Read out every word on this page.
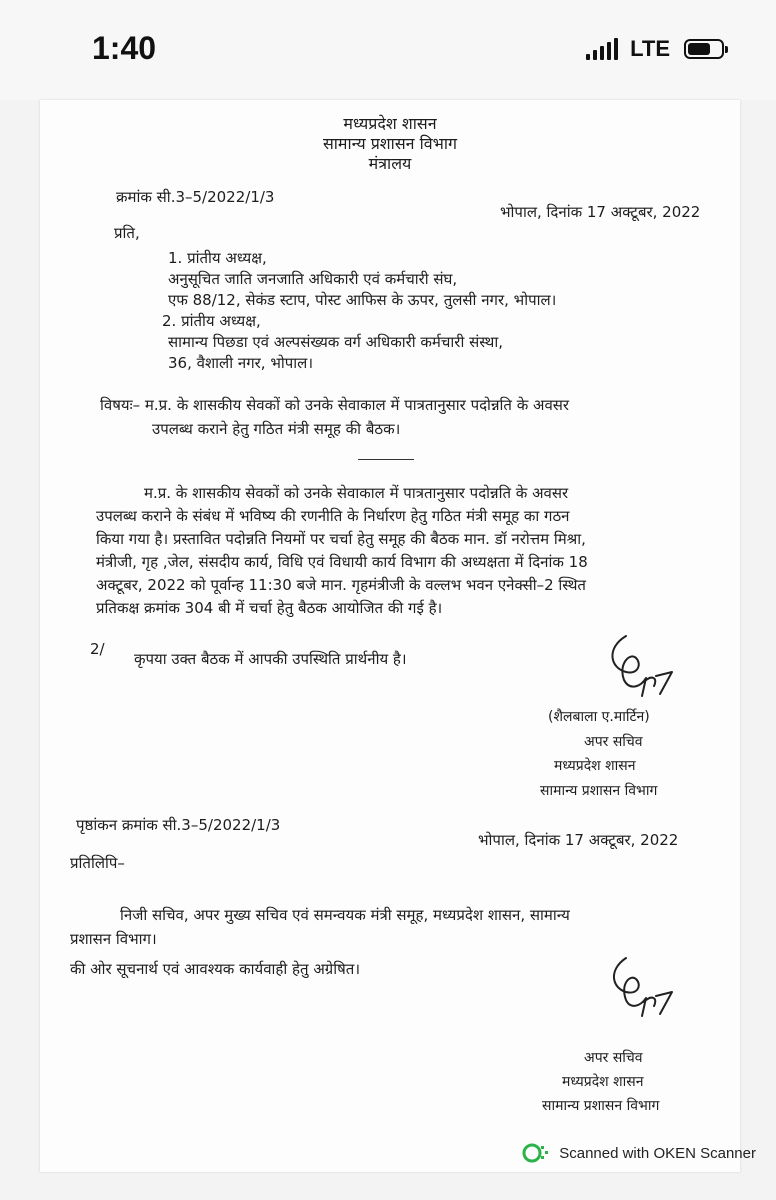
1:40	LTE
मध्यप्रदेश शासन
सामान्य प्रशासन विभाग
मंत्रालय
क्रमांक सी.3–5/2022/1/3
भोपाल, दिनांक 17 अक्टूबर, 2022
प्रति,
1. प्रांतीय अध्यक्ष,
अनुसूचित जाति जनजाति अधिकारी एवं कर्मचारी संघ,
एफ 88/12, सेकंड स्टाप, पोस्ट आफिस के ऊपर, तुलसी नगर, भोपाल।
2. प्रांतीय अध्यक्ष,
सामान्य पिछडा एवं अल्पसंख्यक वर्ग अधिकारी कर्मचारी संस्था,
36, वैशाली नगर, भोपाल।
विषयः– म.प्र. के शासकीय सेवकों को उनके सेवाकाल में पात्रतानुसार पदोन्नति के अवसर
उपलब्ध कराने हेतु गठित मंत्री समूह की बैठक।
म.प्र. के शासकीय सेवकों को उनके सेवाकाल में पात्रतानुसार पदोन्नति के अवसर
उपलब्ध कराने के संबंध में भविष्य की रणनीति के निर्धारण हेतु गठित मंत्री समूह का गठन
किया गया है। प्रस्तावित पदोन्नति नियमों पर चर्चा हेतु समूह की बैठक मान. डॉ नरोत्तम मिश्रा,
मंत्रीजी, गृह ,जेल, संसदीय कार्य, विधि एवं विधायी कार्य विभाग की अध्यक्षता में दिनांक 18
अक्टूबर, 2022 को पूर्वान्ह 11:30 बजे मान. गृहमंत्रीजी के वल्लभ भवन एनेक्सी–2 स्थित
प्रतिकक्ष क्रमांक 304 बी में चर्चा हेतु बैठक आयोजित की गई है।
2/
कृपया उक्त बैठक में आपकी उपस्थिति प्रार्थनीय है।
(शैलबाला ए.मार्टिन)
अपर सचिव
मध्यप्रदेश शासन
सामान्य प्रशासन विभाग
पृष्ठांकन क्रमांक सी.3–5/2022/1/3
भोपाल, दिनांक 17 अक्टूबर, 2022
प्रतिलिपि–
निजी सचिव, अपर मुख्य सचिव एवं समन्वयक मंत्री समूह, मध्यप्रदेश शासन, सामान्य
प्रशासन विभाग।
की ओर सूचनार्थ एवं आवश्यक कार्यवाही हेतु अग्रेषित।
अपर सचिव
मध्यप्रदेश शासन
सामान्य प्रशासन विभाग
Scanned with OKEN Scanner
